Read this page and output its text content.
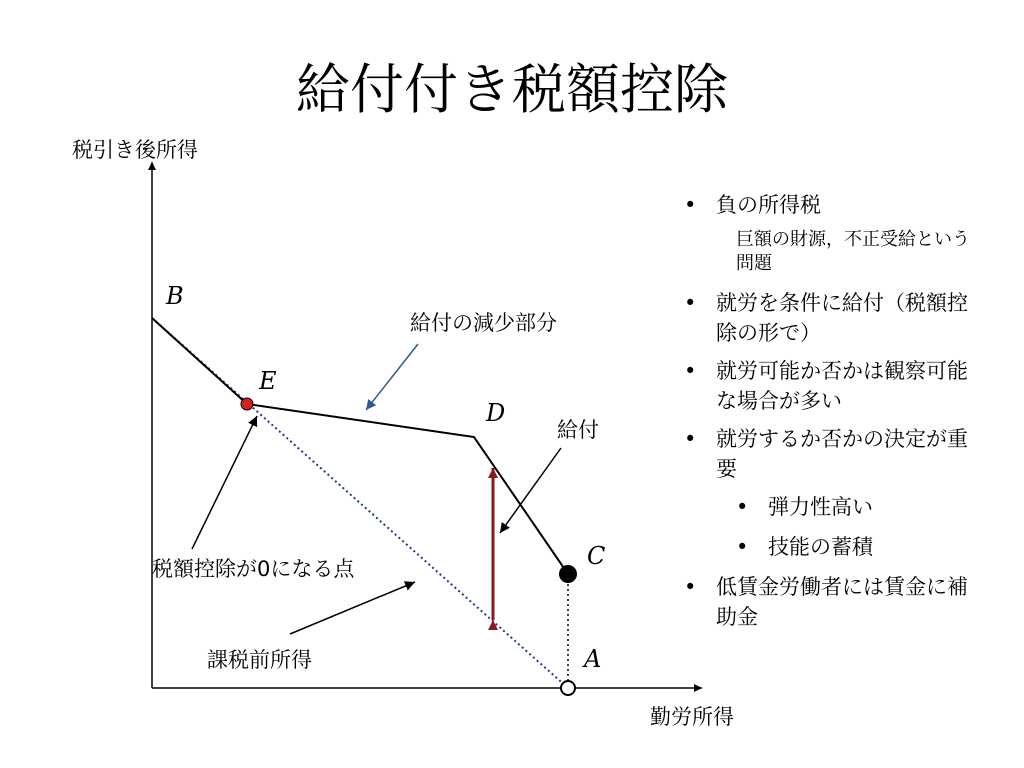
給付付き税額控除
税引き後所得
勤労所得
B
E
D
C
A
給付の減少部分
給付
税額控除が0になる点
課税前所得
• 負の所得税
巨額の財源，不正受給という問題
• 就労を条件に給付（税額控除の形で）
• 就労可能か否かは観察可能な場合が多い
• 就労するか否かの決定が重要
• 弾力性高い
• 技能の蓄積
• 低賃金労働者には賃金に補助金
